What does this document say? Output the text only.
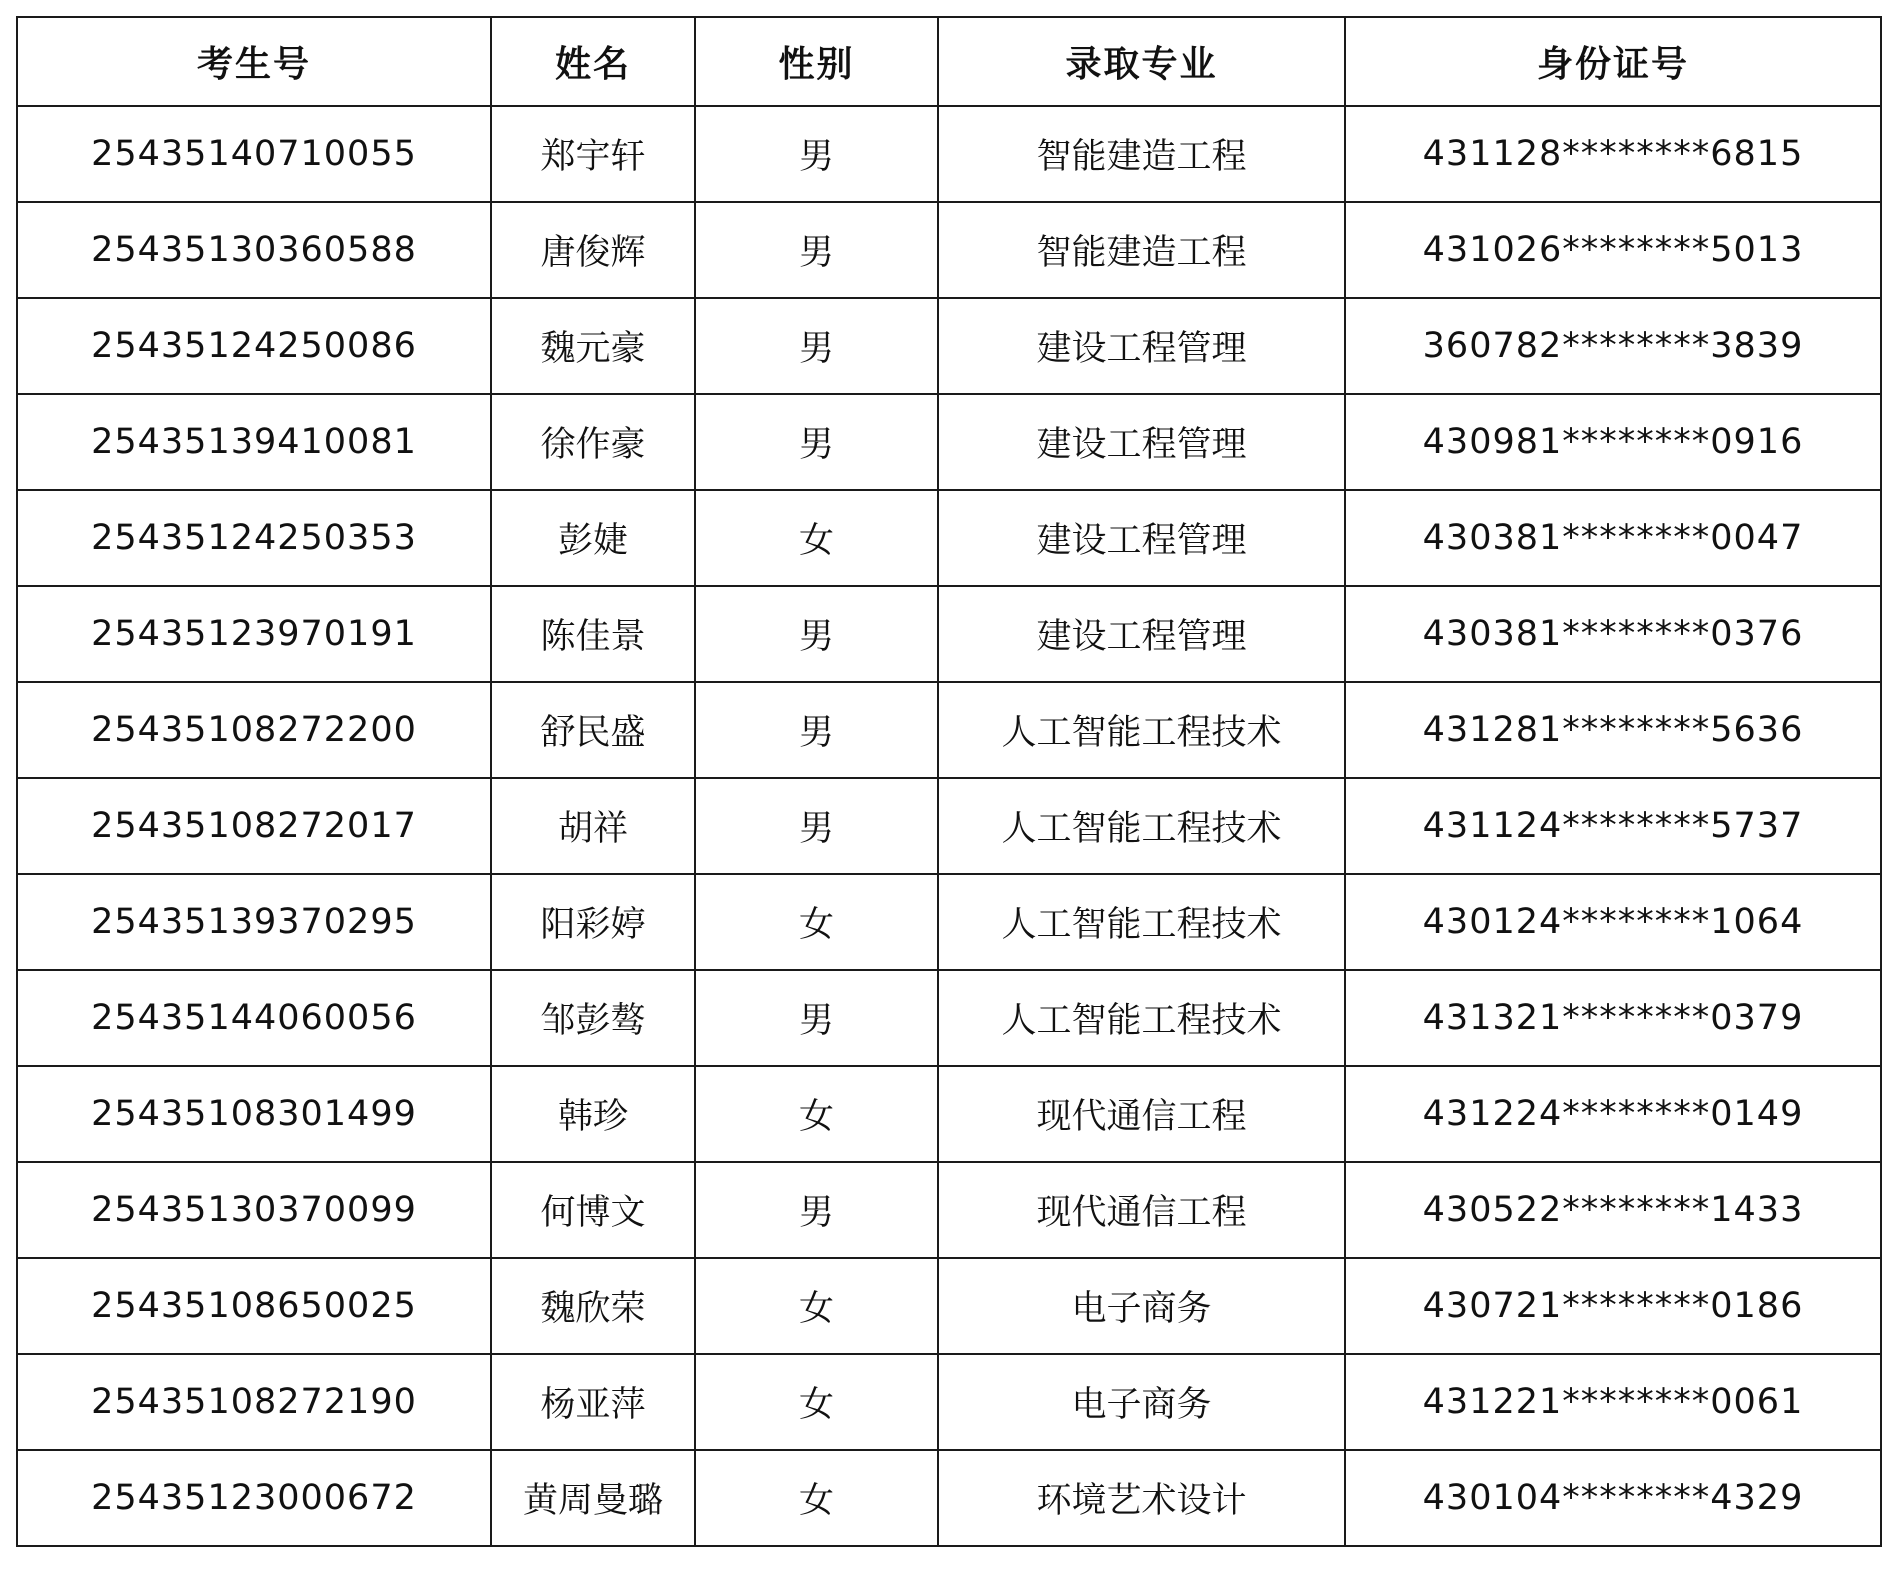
考生号	姓名	性别	录取专业	身份证号
25435140710055	郑宇轩	男	智能建造工程	431128********6815
25435130360588	唐俊辉	男	智能建造工程	431026********5013
25435124250086	魏元豪	男	建设工程管理	360782********3839
25435139410081	徐作豪	男	建设工程管理	430981********0916
25435124250353	彭婕	女	建设工程管理	430381********0047
25435123970191	陈佳景	男	建设工程管理	430381********0376
25435108272200	舒民盛	男	人工智能工程技术	431281********5636
25435108272017	胡祥	男	人工智能工程技术	431124********5737
25435139370295	阳彩婷	女	人工智能工程技术	430124********1064
25435144060056	邹彭骜	男	人工智能工程技术	431321********0379
25435108301499	韩珍	女	现代通信工程	431224********0149
25435130370099	何博文	男	现代通信工程	430522********1433
25435108650025	魏欣荣	女	电子商务	430721********0186
25435108272190	杨亚萍	女	电子商务	431221********0061
25435123000672	黄周曼璐	女	环境艺术设计	430104********4329
